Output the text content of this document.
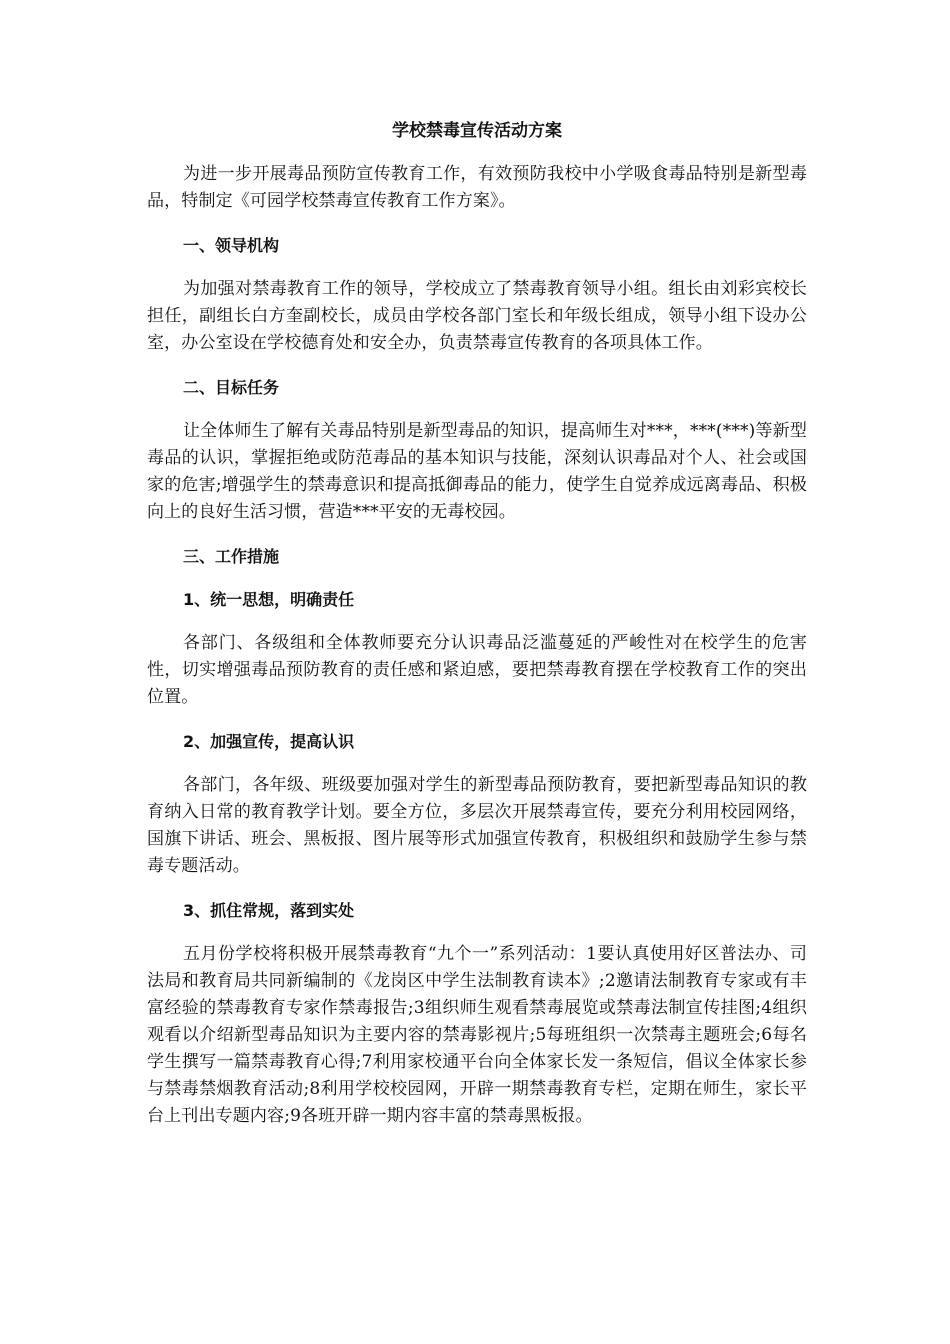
学校禁毒宣传活动方案

为进一步开展毒品预防宣传教育工作，有效预防我校中小学吸食毒品特别是新型毒品，特制定《可园学校禁毒宣传教育工作方案》。

一、领导机构

为加强对禁毒教育工作的领导，学校成立了禁毒教育领导小组。组长由刘彩宾校长担任，副组长白方奎副校长，成员由学校各部门室长和年级长组成，领导小组下设办公室，办公室设在学校德育处和安全办，负责禁毒宣传教育的各项具体工作。

二、目标任务

让全体师生了解有关毒品特别是新型毒品的知识，提高师生对***，***(***)等新型毒品的认识，掌握拒绝或防范毒品的基本知识与技能，深刻认识毒品对个人、社会或国家的危害;增强学生的禁毒意识和提高抵御毒品的能力，使学生自觉养成远离毒品、积极向上的良好生活习惯，营造***平安的无毒校园。

三、工作措施
1、统一思想，明确责任

各部门、各级组和全体教师要充分认识毒品泛滥蔓延的严峻性对在校学生的危害性，切实增强毒品预防教育的责任感和紧迫感，要把禁毒教育摆在学校教育工作的突出位置。

2、加强宣传，提高认识

各部门，各年级、班级要加强对学生的新型毒品预防教育，要把新型毒品知识的教育纳入日常的教育教学计划。要全方位，多层次开展禁毒宣传，要充分利用校园网络，国旗下讲话、班会、黑板报、图片展等形式加强宣传教育，积极组织和鼓励学生参与禁毒专题活动。

3、抓住常规，落到实处

五月份学校将积极开展禁毒教育“九个一”系列活动：1要认真使用好区普法办、司法局和教育局共同新编制的《龙岗区中学生法制教育读本》;2邀请法制教育专家或有丰富经验的禁毒教育专家作禁毒报告;3组织师生观看禁毒展览或禁毒法制宣传挂图;4组织观看以介绍新型毒品知识为主要内容的禁毒影视片;5每班组织一次禁毒主题班会;6每名学生撰写一篇禁毒教育心得;7利用家校通平台向全体家长发一条短信，倡议全体家长参与禁毒禁烟教育活动;8利用学校校园网，开辟一期禁毒教育专栏，定期在师生，家长平台上刊出专题内容;9各班开辟一期内容丰富的禁毒黑板报。
